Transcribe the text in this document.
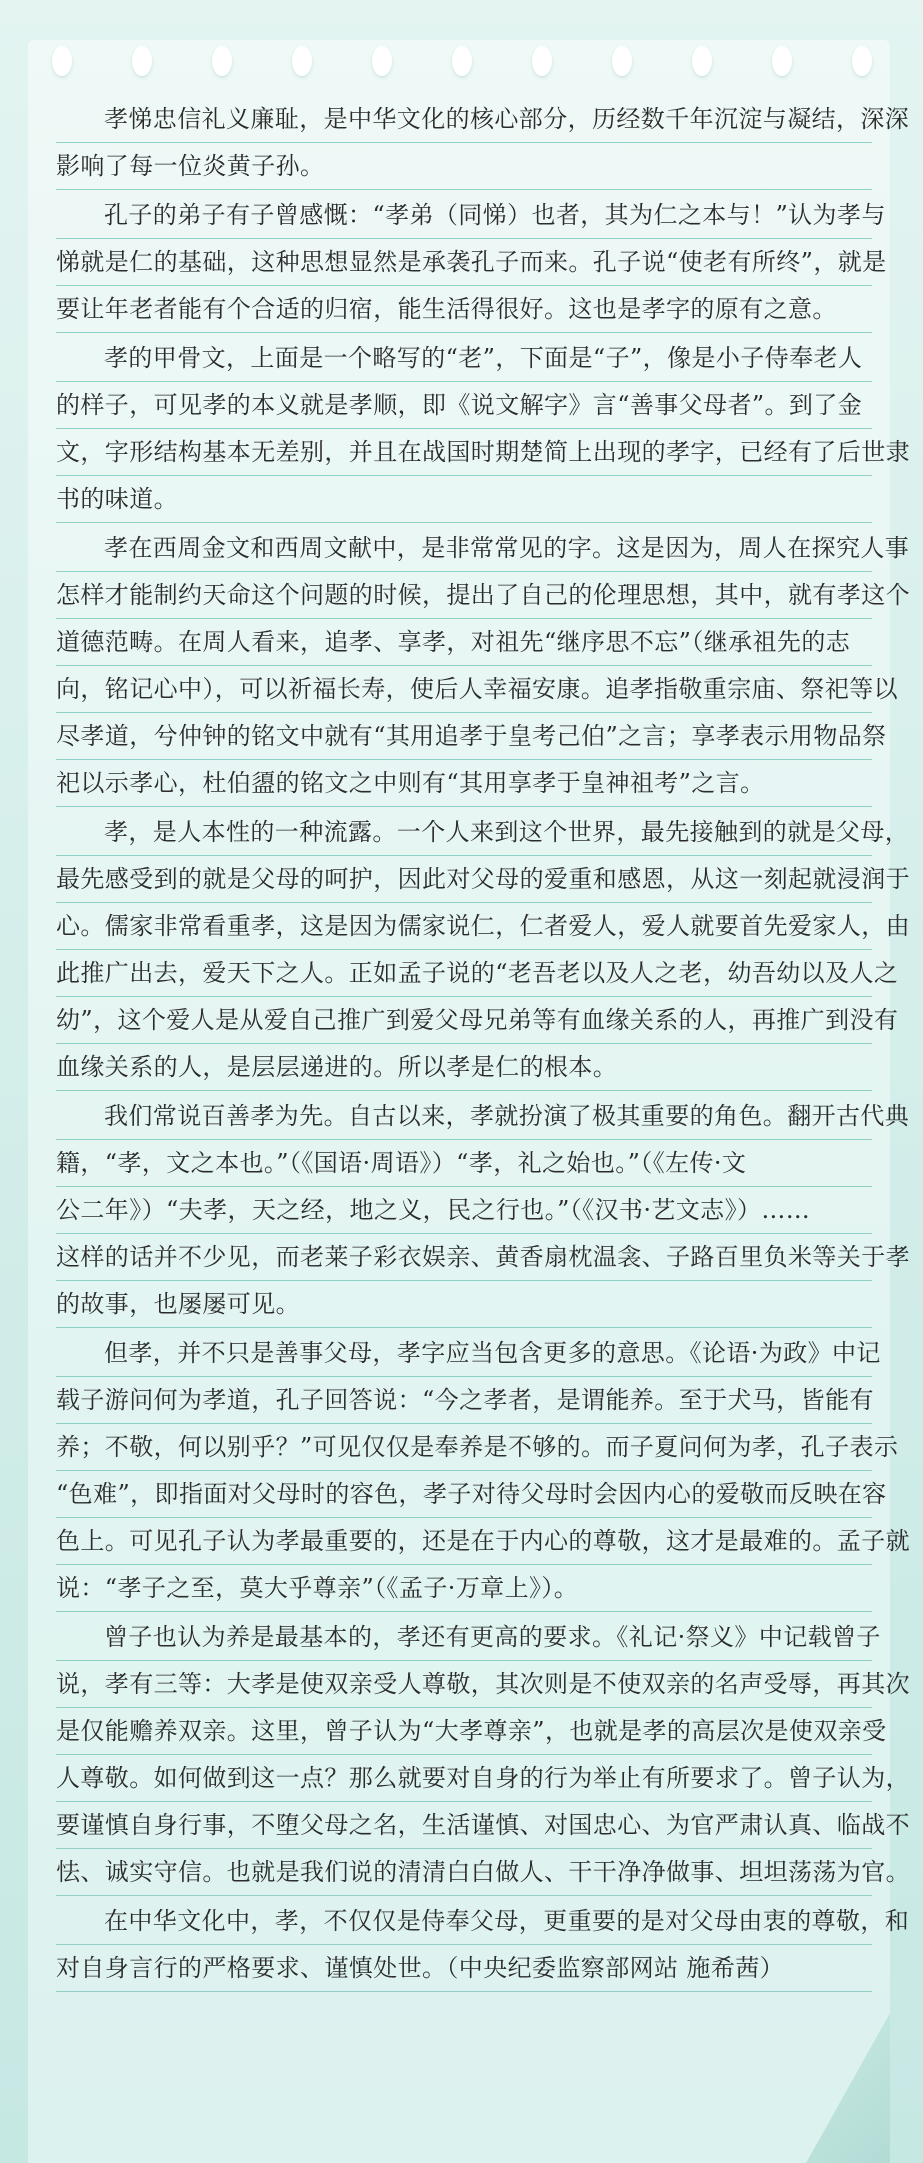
孝悌忠信礼义廉耻，是中华文化的核心部分，历经数千年沉淀与凝结，深深
影响了每一位炎黄子孙。
孔子的弟子有子曾感慨：“孝弟（同悌）也者，其为仁之本与！”认为孝与
悌就是仁的基础，这种思想显然是承袭孔子而来。孔子说“使老有所终”，就是
要让年老者能有个合适的归宿，能生活得很好。这也是孝字的原有之意。
孝的甲骨文，上面是一个略写的“老”，下面是“子”，像是小子侍奉老人
的样子，可见孝的本义就是孝顺，即《说文解字》言“善事父母者”。到了金
文，字形结构基本无差别，并且在战国时期楚简上出现的孝字，已经有了后世隶
书的味道。
孝在西周金文和西周文献中，是非常常见的字。这是因为，周人在探究人事
怎样才能制约天命这个问题的时候，提出了自己的伦理思想，其中，就有孝这个
道德范畴。在周人看来，追孝、享孝，对祖先“继序思不忘”（继承祖先的志
向，铭记心中），可以祈福长寿，使后人幸福安康。追孝指敬重宗庙、祭祀等以
尽孝道，兮仲钟的铭文中就有“其用追孝于皇考己伯”之言；享孝表示用物品祭
祀以示孝心，杜伯盨的铭文之中则有“其用享孝于皇神祖考”之言。
孝，是人本性的一种流露。一个人来到这个世界，最先接触到的就是父母，
最先感受到的就是父母的呵护，因此对父母的爱重和感恩，从这一刻起就浸润于
心。儒家非常看重孝，这是因为儒家说仁，仁者爱人，爱人就要首先爱家人，由
此推广出去，爱天下之人。正如孟子说的“老吾老以及人之老，幼吾幼以及人之
幼”，这个爱人是从爱自己推广到爱父母兄弟等有血缘关系的人，再推广到没有
血缘关系的人，是层层递进的。所以孝是仁的根本。
我们常说百善孝为先。自古以来，孝就扮演了极其重要的角色。翻开古代典
籍，“孝，文之本也。”（《国语·周语》）“孝，礼之始也。”（《左传·文
公二年》）“夫孝，天之经，地之义，民之行也。”（《汉书·艺文志》）……
这样的话并不少见，而老莱子彩衣娱亲、黄香扇枕温衾、子路百里负米等关于孝
的故事，也屡屡可见。
但孝，并不只是善事父母，孝字应当包含更多的意思。《论语·为政》中记
载子游问何为孝道，孔子回答说：“今之孝者，是谓能养。至于犬马，皆能有
养；不敬，何以别乎？”可见仅仅是奉养是不够的。而子夏问何为孝，孔子表示
“色难”，即指面对父母时的容色，孝子对待父母时会因内心的爱敬而反映在容
色上。可见孔子认为孝最重要的，还是在于内心的尊敬，这才是最难的。孟子就
说：“孝子之至，莫大乎尊亲”（《孟子·万章上》）。
曾子也认为养是最基本的，孝还有更高的要求。《礼记·祭义》中记载曾子
说，孝有三等：大孝是使双亲受人尊敬，其次则是不使双亲的名声受辱，再其次
是仅能赡养双亲。这里，曾子认为“大孝尊亲”，也就是孝的高层次是使双亲受
人尊敬。如何做到这一点？那么就要对自身的行为举止有所要求了。曾子认为，
要谨慎自身行事，不堕父母之名，生活谨慎、对国忠心、为官严肃认真、临战不
怯、诚实守信。也就是我们说的清清白白做人、干干净净做事、坦坦荡荡为官。
在中华文化中，孝，不仅仅是侍奉父母，更重要的是对父母由衷的尊敬，和
对自身言行的严格要求、谨慎处世。（中央纪委监察部网站 施希茜）
